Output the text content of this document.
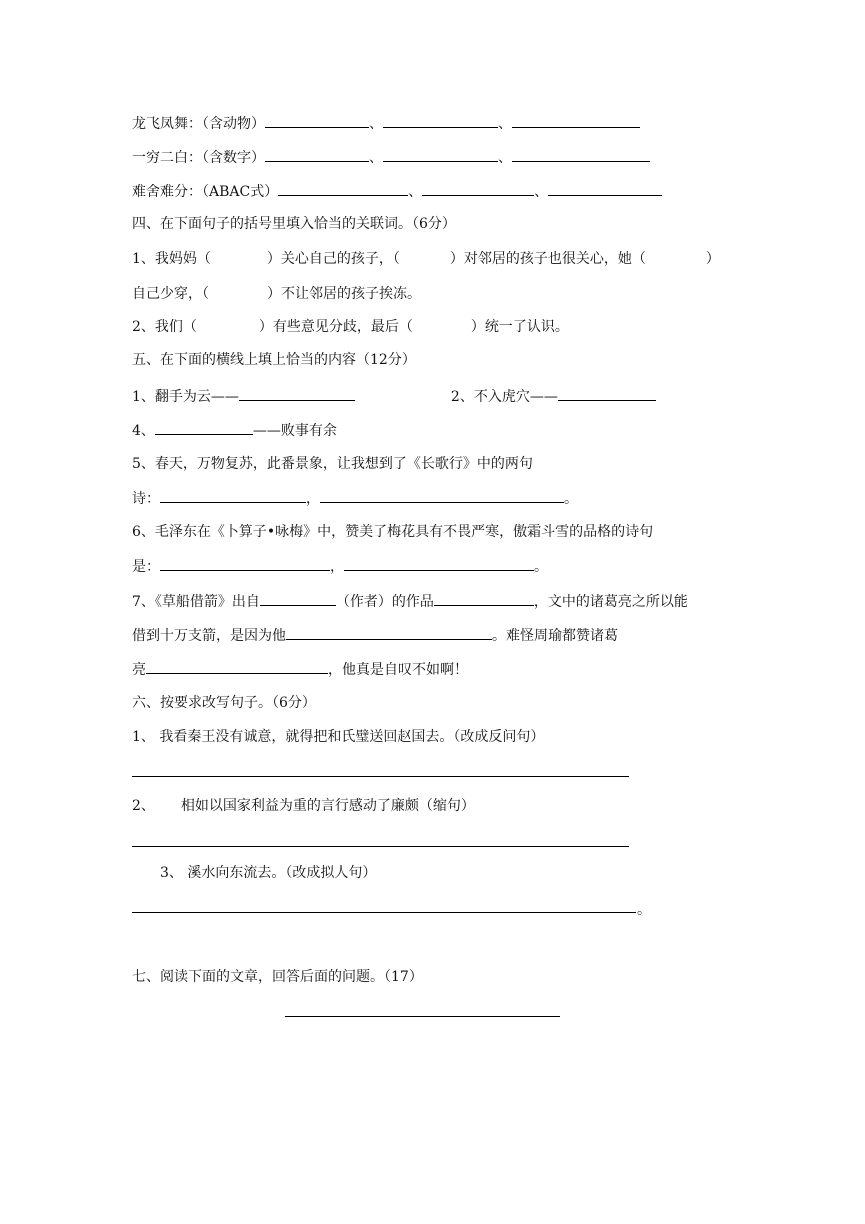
龙飞凤舞：（含动物）	、	、
一穷二白：（含数字）	、	、
难舍难分：（ABAC式）	、	、
四、在下面句子的括号里填入恰当的关联词。（6分）
1、我妈妈（	）关心自己的孩子，（	）对邻居的孩子也很关心，她（	）
自己少穿，（	）不让邻居的孩子挨冻。
2、我们（	）有些意见分歧，最后（	）统一了认识。
五、在下面的横线上填上恰当的内容（12分）
1、翻手为云——	2、不入虎穴——
4、	——败事有余
5、春天，万物复苏，此番景象，让我想到了《长歌行》中的两句
诗：	，	。
6、毛泽东在《卜算子•咏梅》中，赞美了梅花具有不畏严寒，傲霜斗雪的品格的诗句
是：	，	。
7、《草船借箭》出自	（作者）的作品	，文中的诸葛亮之所以能
借到十万支箭，是因为他	。难怪周瑜都赞诸葛
亮	，他真是自叹不如啊！
六、按要求改写句子。（6分）
1、 我看秦王没有诚意，就得把和氏璧送回赵国去。（改成反问句）
2、 相如以国家利益为重的言行感动了廉颇（缩句）
3、 溪水向东流去。（改成拟人句）
。
七、阅读下面的文章，回答后面的问题。（17）
